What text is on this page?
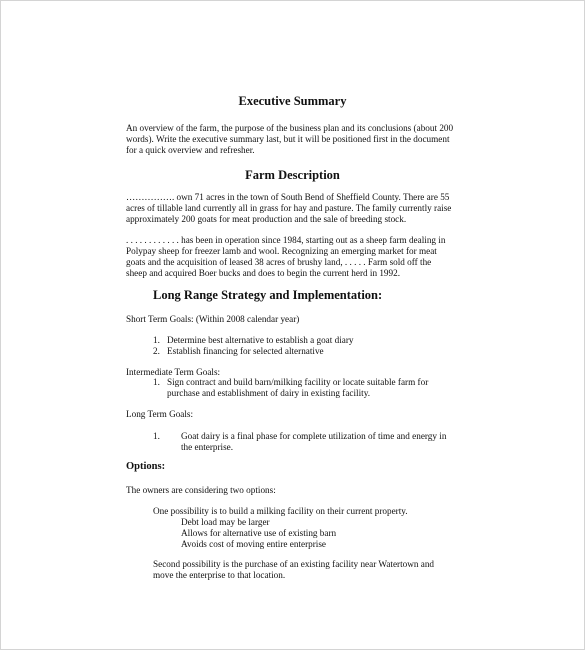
Executive Summary
An overview of the farm, the purpose of the business plan and its conclusions (about 200
words). Write the executive summary last, but it will be positioned first in the document
for a quick overview and refresher.
Farm Description
……………. own 71 acres in the town of South Bend of Sheffield County. There are 55
acres of tillable land currently all in grass for hay and pasture. The family currently raise
approximately 200 goats for meat production and the sale of breeding stock.
. . . . . . . . . . . . has been in operation since 1984, starting out as a sheep farm dealing in
Polypay sheep for freezer lamb and wool. Recognizing an emerging market for meat
goats and the acquisition of leased 38 acres of brushy land, . . . . . Farm sold off the
sheep and acquired Boer bucks and does to begin the current herd in 1992.
Long Range Strategy and Implementation:
Short Term Goals: (Within 2008 calendar year)
1. Determine best alternative to establish a goat diary
2. Establish financing for selected alternative
Intermediate Term Goals:
1. Sign contract and build barn/milking facility or locate suitable farm for
purchase and establishment of dairy in existing facility.
Long Term Goals:
1. Goat dairy is a final phase for complete utilization of time and energy in
the enterprise.
Options:
The owners are considering two options:
One possibility is to build a milking facility on their current property.
Debt load may be larger
Allows for alternative use of existing barn
Avoids cost of moving entire enterprise
Second possibility is the purchase of an existing facility near Watertown and
move the enterprise to that location.
